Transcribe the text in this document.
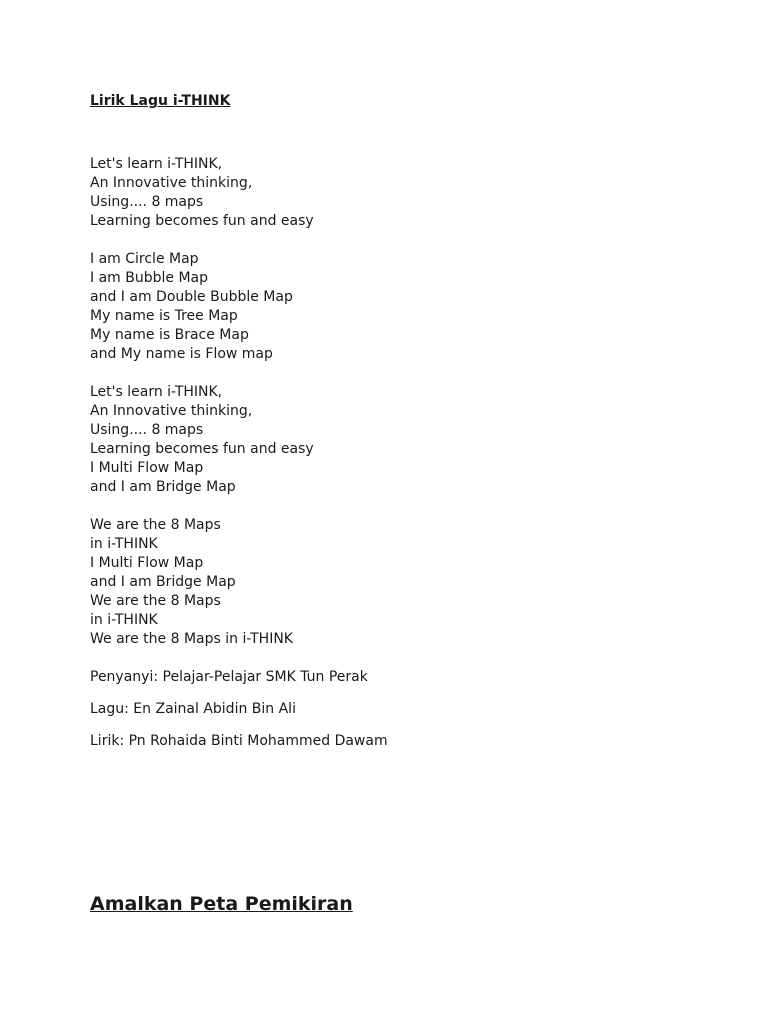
Lirik Lagu i-THINK
Let's learn i-THINK,
An Innovative thinking,
Using.... 8 maps
Learning becomes fun and easy
I am Circle Map
I am Bubble Map
and I am Double Bubble Map
My name is Tree Map
My name is Brace Map
and My name is Flow map
Let's learn i-THINK,
An Innovative thinking,
Using.... 8 maps
Learning becomes fun and easy
I Multi Flow Map
and I am Bridge Map
We are the 8 Maps
in i-THINK
I Multi Flow Map
and I am Bridge Map
We are the 8 Maps
in i-THINK
We are the 8 Maps in i-THINK

Penyanyi: Pelajar-Pelajar SMK Tun Perak

Lagu: En Zainal Abidin Bin Ali

Lirik: Pn Rohaida Binti Mohammed Dawam

Amalkan Peta Pemikiran
